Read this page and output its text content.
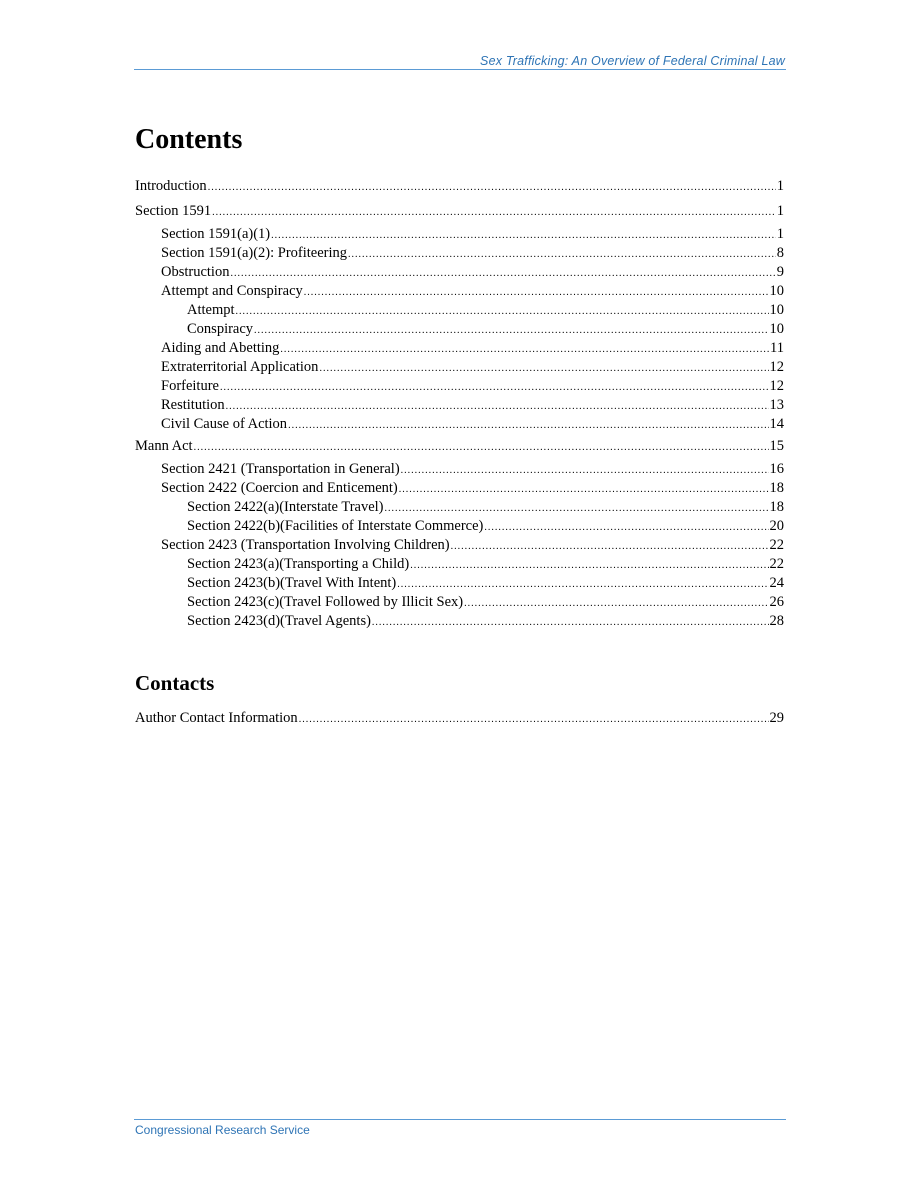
Sex Trafficking: An Overview of Federal Criminal Law
Contents
Introduction .....	1
Section 1591 .....	1
Section 1591(a)(1) .....	1
Section 1591(a)(2): Profiteering .....	8
Obstruction .....	9
Attempt and Conspiracy .....	10
Attempt .....	10
Conspiracy .....	10
Aiding and Abetting .....	11
Extraterritorial Application .....	12
Forfeiture .....	12
Restitution .....	13
Civil Cause of Action .....	14
Mann Act .....	15
Section 2421 (Transportation in General) .....	16
Section 2422 (Coercion and Enticement) .....	18
Section 2422(a)(Interstate Travel) .....	18
Section 2422(b)(Facilities of Interstate Commerce) .....	20
Section 2423 (Transportation Involving Children) .....	22
Section 2423(a)(Transporting a Child) .....	22
Section 2423(b)(Travel With Intent) .....	24
Section 2423(c)(Travel Followed by Illicit Sex) .....	26
Section 2423(d)(Travel Agents) .....	28
Contacts
Author Contact Information .....	29
Congressional Research Service
